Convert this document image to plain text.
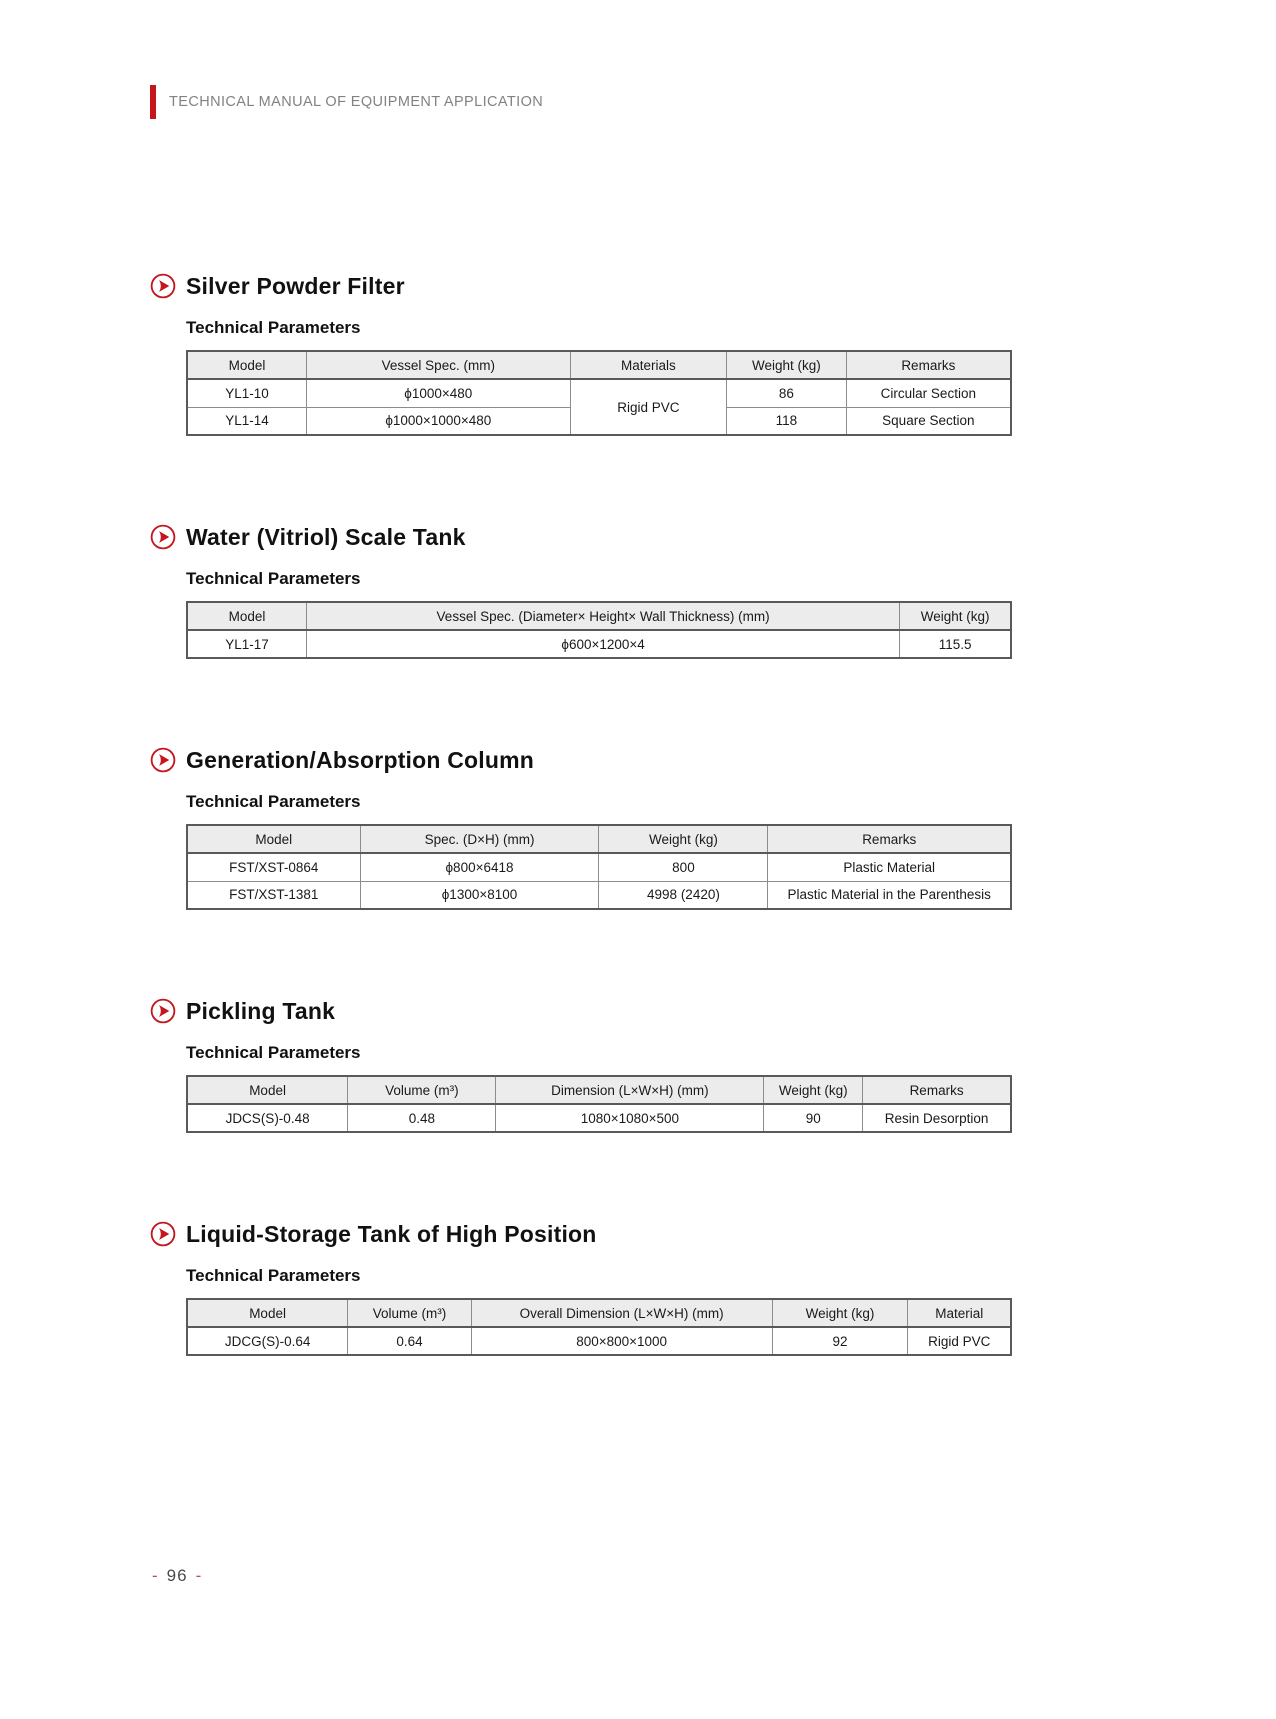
TECHNICAL MANUAL OF EQUIPMENT APPLICATION
Silver Powder Filter
Technical Parameters
Model	Vessel Spec. (mm)	Materials	Weight (kg)	Remarks
YL1-10	ϕ1000×480	Rigid PVC	86	Circular Section
YL1-14	ϕ1000×1000×480		118	Square Section
Water (Vitriol) Scale Tank
Technical Parameters
Model	Vessel Spec. (Diameter× Height× Wall Thickness) (mm)	Weight (kg)
YL1-17	ϕ600×1200×4	115.5
Generation/Absorption Column
Technical Parameters
Model	Spec. (D×H) (mm)	Weight (kg)	Remarks
FST/XST-0864	ϕ800×6418	800	Plastic Material
FST/XST-1381	ϕ1300×8100	4998 (2420)	Plastic Material in the Parenthesis
Pickling Tank
Technical Parameters
Model	Volume (m³)	Dimension (L×W×H) (mm)	Weight (kg)	Remarks
JDCS(S)-0.48	0.48	1080×1080×500	90	Resin Desorption
Liquid-Storage Tank of High Position
Technical Parameters
Model	Volume (m³)	Overall Dimension (L×W×H) (mm)	Weight (kg)	Material
JDCG(S)-0.64	0.64	800×800×1000	92	Rigid PVC
- 96 -
